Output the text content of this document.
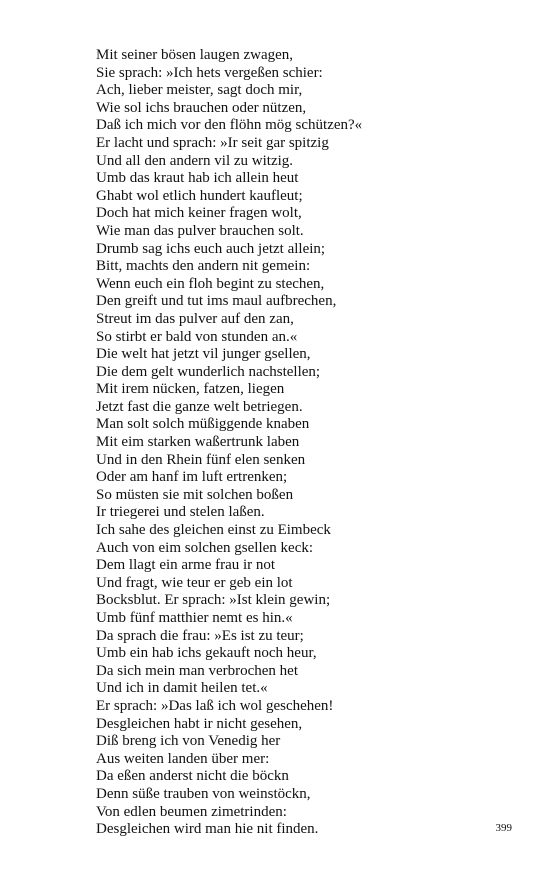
Mit seiner bösen laugen zwagen,
Sie sprach: »Ich hets vergeßen schier:
Ach, lieber meister, sagt doch mir,
Wie sol ichs brauchen oder nützen,
Daß ich mich vor den flöhn mög schützen?«
Er lacht und sprach: »Ir seit gar spitzig
Und all den andern vil zu witzig.
Umb das kraut hab ich allein heut
Ghabt wol etlich hundert kaufleut;
Doch hat mich keiner fragen wolt,
Wie man das pulver brauchen solt.
Drumb sag ichs euch auch jetzt allein;
Bitt, machts den andern nit gemein:
Wenn euch ein floh begint zu stechen,
Den greift und tut ims maul aufbrechen,
Streut im das pulver auf den zan,
So stirbt er bald von stunden an.«
Die welt hat jetzt vil junger gsellen,
Die dem gelt wunderlich nachstellen;
Mit irem nücken, fatzen, liegen
Jetzt fast die ganze welt betriegen.
Man solt solch müßiggende knaben
Mit eim starken waßertrunk laben
Und in den Rhein fünf elen senken
Oder am hanf im luft ertrenken;
So müsten sie mit solchen boßen
Ir triegerei und stelen laßen.
Ich sahe des gleichen einst zu Eimbeck
Auch von eim solchen gsellen keck:
Dem llagt ein arme frau ir not
Und fragt, wie teur er geb ein lot
Bocksblut. Er sprach: »Ist klein gewin;
Umb fünf matthier nemt es hin.«
Da sprach die frau: »Es ist zu teur;
Umb ein hab ichs gekauft noch heur,
Da sich mein man verbrochen het
Und ich in damit heilen tet.«
Er sprach: »Das laß ich wol geschehen!
Desgleichen habt ir nicht gesehen,
Diß breng ich von Venedig her
Aus weiten landen über mer:
Da eßen anderst nicht die böckn
Denn süße trauben von weinstöckn,
Von edlen beumen zimetrinden:
Desgleichen wird man hie nit finden.	399
